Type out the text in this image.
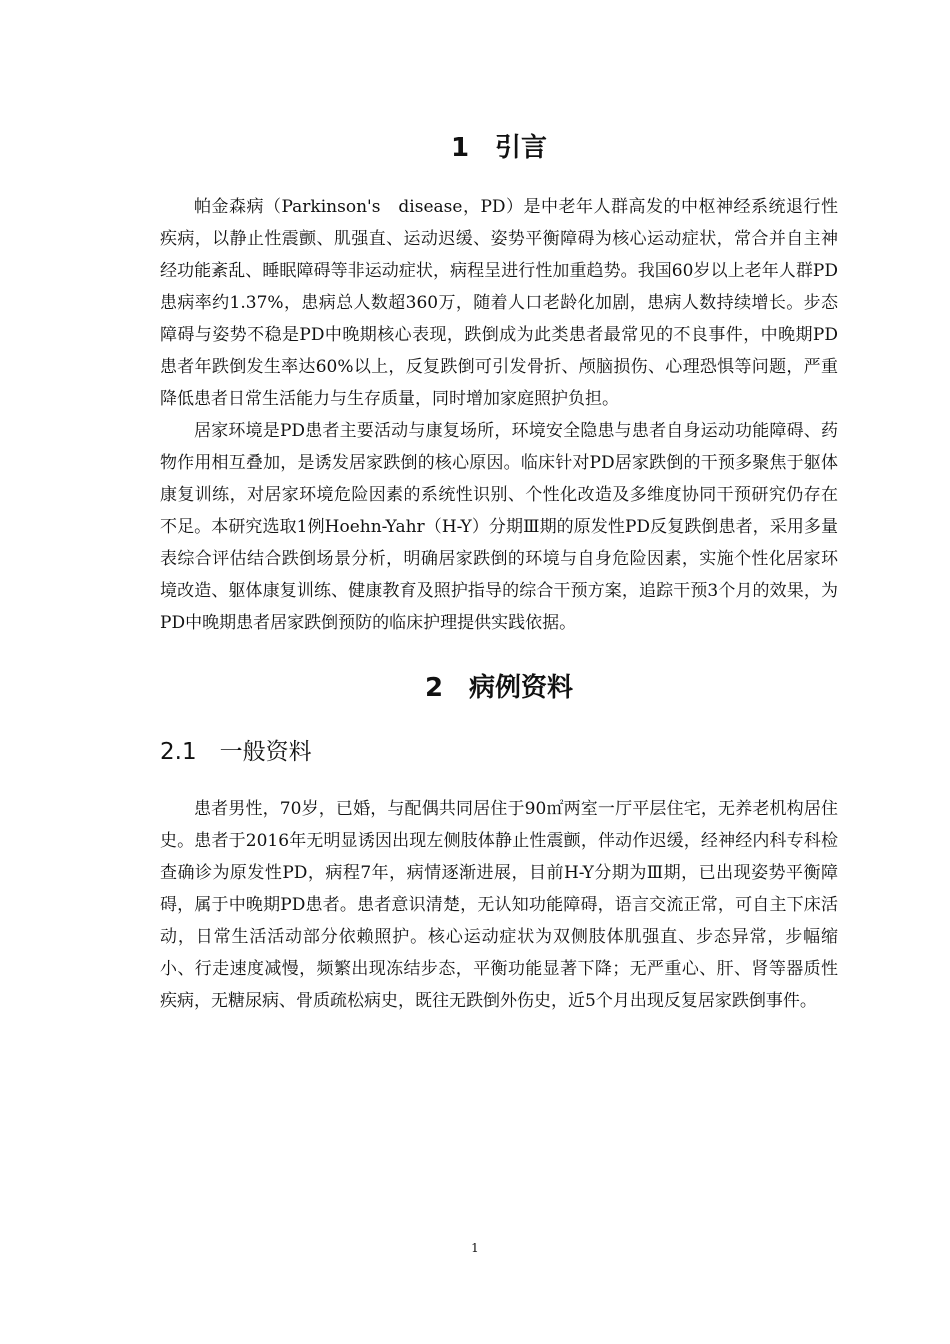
1　引言

帕金森病（Parkinson's　disease，PD）是中老年人群高发的中枢神经系统退行性疾病，以静止性震颤、肌强直、运动迟缓、姿势平衡障碍为核心运动症状，常合并自主神经功能紊乱、睡眠障碍等非运动症状，病程呈进行性加重趋势。我国60岁以上老年人群PD患病率约1.37%，患病总人数超360万，随着人口老龄化加剧，患病人数持续增长。步态障碍与姿势不稳是PD中晚期核心表现，跌倒成为此类患者最常见的不良事件，中晚期PD患者年跌倒发生率达60%以上，反复跌倒可引发骨折、颅脑损伤、心理恐惧等问题，严重降低患者日常生活能力与生存质量，同时增加家庭照护负担。

居家环境是PD患者主要活动与康复场所，环境安全隐患与患者自身运动功能障碍、药物作用相互叠加，是诱发居家跌倒的核心原因。临床针对PD居家跌倒的干预多聚焦于躯体康复训练，对居家环境危险因素的系统性识别、个性化改造及多维度协同干预研究仍存在不足。本研究选取1例Hoehn-Yahr（H-Y）分期Ⅲ期的原发性PD反复跌倒患者，采用多量表综合评估结合跌倒场景分析，明确居家跌倒的环境与自身危险因素，实施个性化居家环境改造、躯体康复训练、健康教育及照护指导的综合干预方案，追踪干预3个月的效果，为PD中晚期患者居家跌倒预防的临床护理提供实践依据。

2　病例资料
2.1　一般资料

患者男性，70岁，已婚，与配偶共同居住于90㎡两室一厅平层住宅，无养老机构居住史。患者于2016年无明显诱因出现左侧肢体静止性震颤，伴动作迟缓，经神经内科专科检查确诊为原发性PD，病程7年，病情逐渐进展，目前H-Y分期为Ⅲ期，已出现姿势平衡障碍，属于中晚期PD患者。患者意识清楚，无认知功能障碍，语言交流正常，可自主下床活动，日常生活活动部分依赖照护。核心运动症状为双侧肢体肌强直、步态异常，步幅缩小、行走速度减慢，频繁出现冻结步态，平衡功能显著下降；无严重心、肝、肾等器质性疾病，无糖尿病、骨质疏松病史，既往无跌倒外伤史，近5个月出现反复居家跌倒事件。

1
